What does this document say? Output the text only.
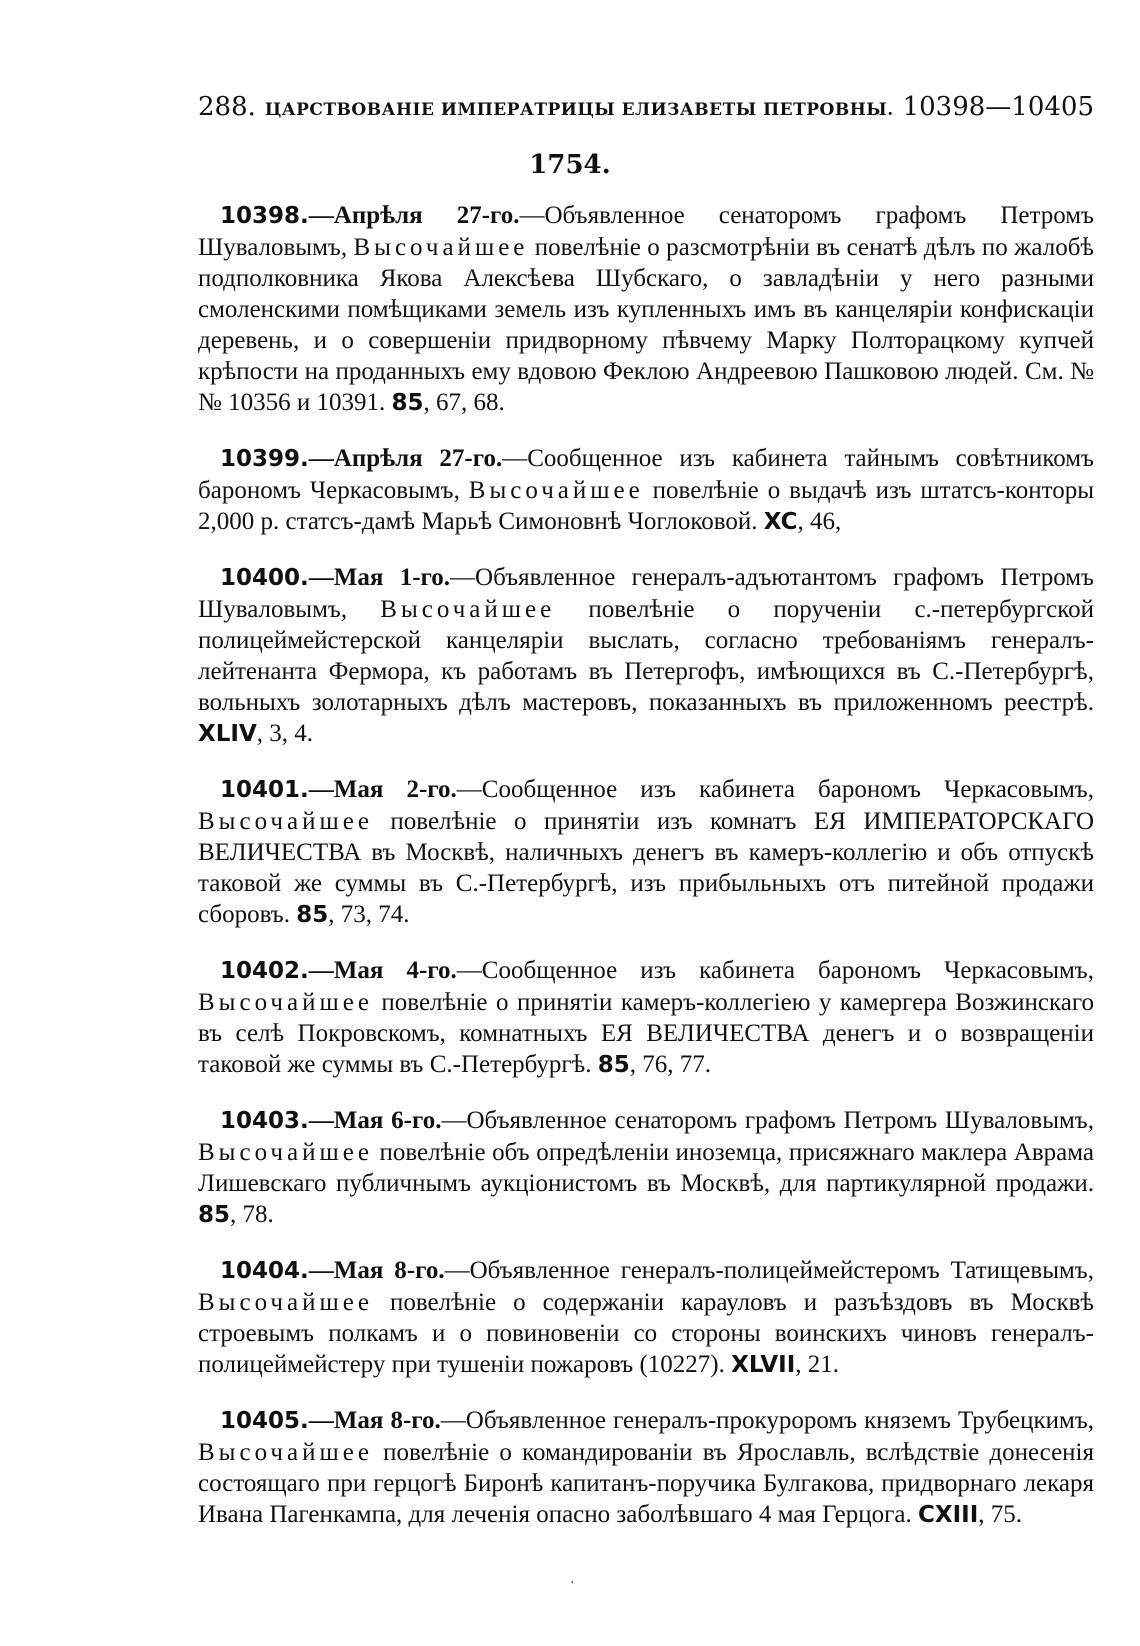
288. ЦАРСТВОВАНІЕ ИМПЕРАТРИЦЫ ЕЛИЗАВЕТЫ ПЕТРОВНЫ. 10398—10405
1754.

10398.—Апрѣля 27-го.—Объявленное сенаторомъ графомъ Петромъ Шуваловымъ, Высочайшее повелѣніе о разсмотрѣніи въ сенатѣ дѣлъ по жалобѣ подполковника Якова Алексѣева Шубскаго, о завладѣніи у него разными смоленскими помѣщиками земель изъ купленныхъ имъ въ канцеляріи конфискаціи деревень, и о совершеніи придворному пѣвчему Марку Полторацкому купчей крѣпости на проданныхъ ему вдовою Феклою Андреевою Пашковою людей. См. №№ 10356 и 10391. 85, 67, 68.

10399.—Апрѣля 27-го.—Сообщенное изъ кабинета тайнымъ совѣтникомъ барономъ Черкасовымъ, Высочайшее повелѣніе о выдачѣ изъ штатсъ-конторы 2,000 р. статсъ-дамѣ Марьѣ Симоновнѣ Чоглоковой. XC, 46,

10400.—Мая 1-го.—Объявленное генералъ-адъютантомъ графомъ Петромъ Шуваловымъ, Высочайшее повелѣніе о порученіи с.-петербургской полицеймейстерской канцеляріи выслать, согласно требованіямъ генералъ-лейтенанта Фермора, къ работамъ въ Петергофъ, имѣющихся въ С.-Петербургѣ, вольныхъ золотарныхъ дѣлъ мастеровъ, показанныхъ въ приложенномъ реестрѣ. XLIV, 3, 4.

10401.—Мая 2-го.—Сообщенное изъ кабинета барономъ Черкасовымъ, Высочайшее повелѣніе о принятіи изъ комнатъ ЕЯ ИМПЕРАТОРСКАГО ВЕЛИЧЕСТВА въ Москвѣ, наличныхъ денегъ въ камеръ-коллегію и объ отпускѣ таковой же суммы въ С.-Петербургѣ, изъ прибыльныхъ отъ питейной продажи сборовъ. 85, 73, 74.

10402.—Мая 4-го.—Сообщенное изъ кабинета барономъ Черкасовымъ, Высочайшее повелѣніе о принятіи камеръ-коллегіею у камергера Возжинскаго въ селѣ Покровскомъ, комнатныхъ ЕЯ ВЕЛИЧЕСТВА денегъ и о возвращеніи таковой же суммы въ С.-Петербургѣ. 85, 76, 77.

10403.—Мая 6-го.—Объявленное сенаторомъ графомъ Петромъ Шуваловымъ, Высочайшее повелѣніе объ опредѣленіи иноземца, присяжнаго маклера Аврама Лишевскаго публичнымъ аукціонистомъ въ Москвѣ, для партикулярной продажи. 85, 78.

10404.—Мая 8-го.—Объявленное генералъ-полицеймейстеромъ Татищевымъ, Высочайшее повелѣніе о содержаніи карауловъ и разъѣздовъ въ Москвѣ строевымъ полкамъ и о повиновеніи со стороны воинскихъ чиновъ генералъ-полицеймейстеру при тушеніи пожаровъ (10227). XLVII, 21.

10405.—Мая 8-го.—Объявленное генералъ-прокуроромъ княземъ Трубецкимъ, Высочайшее повелѣніе о командированіи въ Ярославль, вслѣдствіе донесенія состоящаго при герцогѣ Биронѣ капитанъ-поручика Булгакова, придворнаго лекаря Ивана Пагенкампа, для леченія опасно заболѣвшаго 4 мая Герцога. CXIII, 75.

·
